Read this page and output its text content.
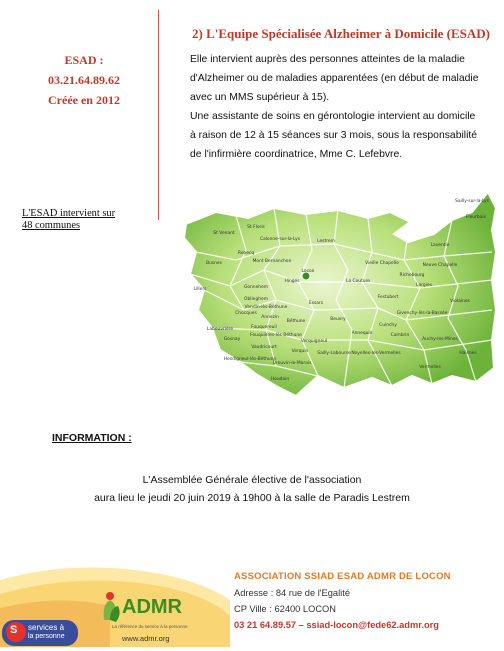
2) L'Equipe Spécialisée Alzheimer à Domicile (ESAD)
ESAD :
03.21.64.89.62
Créée en 2012
Elle intervient auprès des personnes atteintes de la maladie
d'Alzheimer ou de maladies apparentées (en début de maladie
avec un MMS supérieur à 15).
Une assistante de soins en gérontologie intervient au domicile
à raison de 12 à 15 séances sur 3 mois, sous la responsabilité
de l'infirmière coordinatrice, Mme C. Lefebvre.
L'ESAD intervient sur
48 communes
Sailly-sur-la-Lys
Fleurbaix
St Venant
St Floris
Calonne-sur-la-Lys	Lestrem
Laventie
Robecq
Vieille Chapelle	Neuve Chapelle
Busnes	Mont Bernanchon
Locon
La Couture
Richebourg
Lillers	Gonnehem
Hinges
Lorgies
Festubert
Violaines
Oblinghem
Vendin-lès-Béthune
Annezin
Essars
Givenchy-lès-la-Bassée
Chocques
Béthune	Beuvry
Cuinchy
Labeuvrière	Fouquereuil
Fouquières-lès-Béthune	Annequin	Cambrin
Gosnay	Verquigneul	Auchy-les-Mines
Vaudricourt
Verquin Sailly-Labourse Noyelles-les-Vermelles	Haisnes
Hesdigneul-lès-Béthune
Drouvin-le-Marais
Vermelles
Houdain
INFORMATION :
L'Assemblée Générale élective de l'association
aura lieu le jeudi 20 juin 2019 à 19h00 à la salle de Paradis Lestrem
S services à
la personne
ADMR
La référence du service à la personne
www.admr.org
ASSOCIATION SSIAD ESAD ADMR DE LOCON
Adresse : 84 rue de l'Egalité
CP Ville : 62400 LOCON
03 21 64.89.57 – ssiad-locon@fede62.admr.org
